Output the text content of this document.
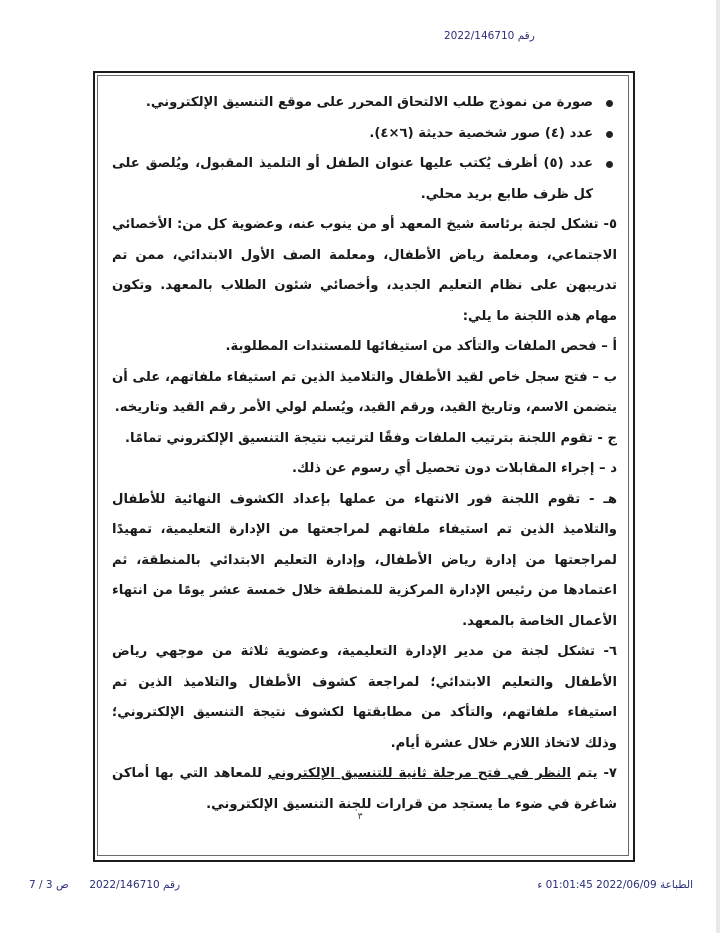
رقم 2022/146710

صورة من نموذج طلب الالتحاق المحرر على موقع التنسيق الإلكتروني.

عدد (٤) صور شخصية حديثة (٦×٤).

عدد (٥) أظرف يُكتب عليها عنوان الطفل أو التلميذ المقبول، ويُلصق على كل ظرف طابع بريد محلي.

٥- تشكل لجنة برئاسة شيخ المعهد أو من ينوب عنه، وعضوية كل من: الأخصائي الاجتماعي، ومعلمة رياض الأطفال، ومعلمة الصف الأول الابتدائي، ممن تم تدريبهن على نظام التعليم الجديد، وأخصائي شئون الطلاب بالمعهد. وتكون مهام هذه اللجنة ما يلي:

أ – فحص الملفات والتأكد من استيفائها للمستندات المطلوبة.

ب – فتح سجل خاص لقيد الأطفال والتلاميذ الذين تم استيفاء ملفاتهم، على أن يتضمن الاسم، وتاريخ القيد، ورقم القيد، ويُسلم لولي الأمر رقم القيد وتاريخه.

ج - تقوم اللجنة بترتيب الملفات وفقًا لترتيب نتيجة التنسيق الإلكتروني تمامًا.

د – إجراء المقابلات دون تحصيل أي رسوم عن ذلك.

هـ - تقوم اللجنة فور الانتهاء من عملها بإعداد الكشوف النهائية للأطفال والتلاميذ الذين تم استيفاء ملفاتهم لمراجعتها من الإدارة التعليمية، تمهيدًا لمراجعتها من إدارة رياض الأطفال، وإدارة التعليم الابتدائي بالمنطقة، ثم اعتمادها من رئيس الإدارة المركزية للمنطقة خلال خمسة عشر يومًا من انتهاء الأعمال الخاصة بالمعهد.

٦- تشكل لجنة من مدير الإدارة التعليمية، وعضوية ثلاثة من موجهي رياض الأطفال والتعليم الابتدائي؛ لمراجعة كشوف الأطفال والتلاميذ الذين تم استيفاء ملفاتهم، والتأكد من مطابقتها لكشوف نتيجة التنسيق الإلكتروني؛ وذلك لاتخاذ اللازم خلال عشرة أيام.

٧- يتم النظر في فتح مرحلة ثانية للتنسيق الإلكتروني للمعاهد التي بها أماكن شاغرة في ضوء ما يستجد من قرارات للجنة التنسيق الإلكتروني.

٣
الطباعة 2022/06/09 01:01:45 ء
رقم 2022/146710  ص 3 / 7
